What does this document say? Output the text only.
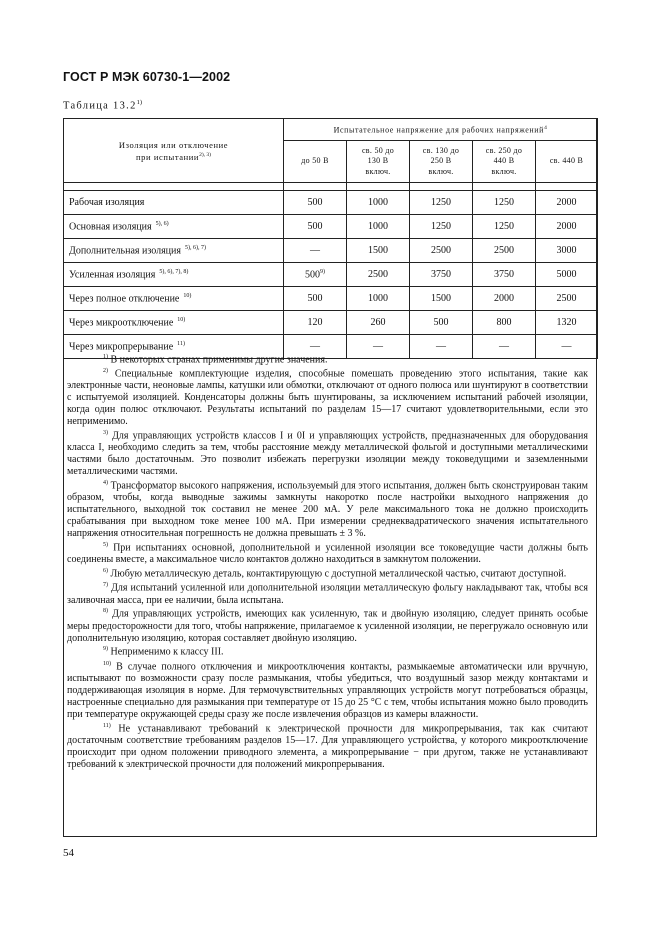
ГОСТ Р МЭК 60730-1—2002
Таблица 13.2$^{1)}$
Изоляция или отключение
при испытании$^{2), 3)}$	Испытательное напряжение для рабочих напряжений$^4$

	до 50 В	св. 50 до
130 В
включ.	св. 130 до
250 В
включ.	св. 250 до
440 В
включ.	св. 440 В

Рабочая изоляция	500	1000	1250	1250	2000
Основная изоляция $^{5), 6)}$	500	1000	1250	1250	2000
Дополнительная изоляция $^{5), 6), 7)}$	—	1500	2500	2500	3000
Усиленная изоляция $^{5), 6), 7), 8)}$	500$^{9)}$	2500	3750	3750	5000
Через полное отключение $^{10)}$	500	1000	1500	2000	2500
Через микроотключение $^{10)}$	120	260	500	800	1320
Через микропрерывание $^{11)}$	—	—	—	—	—

$^{1)}$ В некоторых странах применимы другие значения.

$^{2)}$ Специальные комплектующие изделия, способные помешать проведению этого испытания, такие как электронные части, неоновые лампы, катушки или обмотки, отключают от одного полюса или шунтируют в соответствии с испытуемой изоляцией. Конденсаторы должны быть шунтированы, за исключением испытаний рабочей изоляции, когда один полюс отключают. Результаты испытаний по разделам 15—17 считают удовлетворительными, если это неприменимо.

$^{3)}$ Для управляющих устройств классов I и 0I и управляющих устройств, предназначенных для оборудования класса I, необходимо следить за тем, чтобы расстояние между металлической фольгой и доступными металлическими частями было достаточным. Это позволит избежать перегрузки изоляции между токоведущими и заземленными металлическими частями.

$^{4)}$ Трансформатор высокого напряжения, используемый для этого испытания, должен быть сконструирован таким образом, чтобы, когда выводные зажимы замкнуты накоротко после настройки выходного напряжения до испытательного, выходной ток составил не менее 200 мА. У реле максимального тока не должно происходить срабатывания при выходном токе менее 100 мА. При измерении среднеквадратического значения испытательного напряжения относительная погрешность не должна превышать ± 3 %.

$^{5)}$ При испытаниях основной, дополнительной и усиленной изоляции все токоведущие части должны быть соединены вместе, а максимальное число контактов должно находиться в замкнутом положении.

$^{6)}$ Любую металлическую деталь, контактирующую с доступной металлической частью, считают доступной.

$^{7)}$ Для испытаний усиленной или дополнительной изоляции металлическую фольгу накладывают так, чтобы вся заливочная масса, при ее наличии, была испытана.

$^{8)}$ Для управляющих устройств, имеющих как усиленную, так и двойную изоляцию, следует принять особые меры предосторожности для того, чтобы напряжение, прилагаемое к усиленной изоляции, не перегружало основную или дополнительную изоляцию, которая составляет двойную изоляцию.

$^{9)}$ Неприменимо к классу III.

$^{10)}$ В случае полного отключения и микроотключения контакты, размыкаемые автоматически или вручную, испытывают по возможности сразу после размыкания, чтобы убедиться, что воздушный зазор между контактами и поддерживающая изоляция в норме. Для термочувствительных управляющих устройств могут потребоваться образцы, настроенные специально для размыкания при температуре от 15 до 25 °C с тем, чтобы испытания можно было проводить при температуре окружающей среды сразу же после извлечения образцов из камеры влажности.

$^{11)}$ Не устанавливают требований к электрической прочности для микропрерывания, так как считают достаточным соответствие требованиям разделов 15—17. Для управляющего устройства, у которого микроотключение происходит при одном положении приводного элемента, а микропрерывание − при другом, также не устанавливают требований к электрической прочности для положений микропрерывания.

54
